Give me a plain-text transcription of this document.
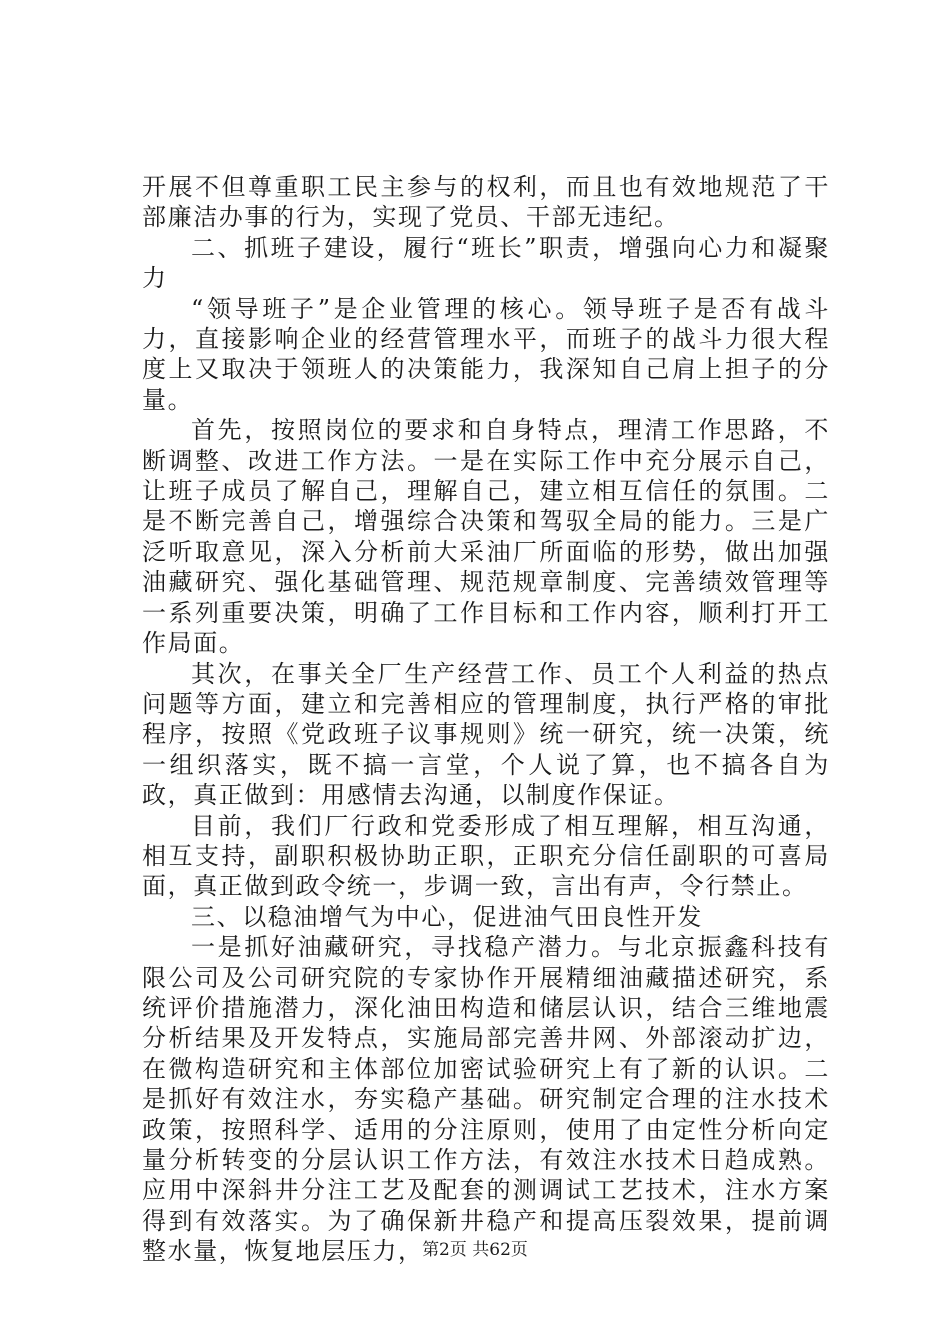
开展不但尊重职工民主参与的权利，而且也有效地规范了干部廉洁办事的行为，实现了党员、干部无违纪。

二、抓班子建设，履行“班长”职责，增强向心力和凝聚力

“领导班子”是企业管理的核心。领导班子是否有战斗力，直接影响企业的经营管理水平，而班子的战斗力很大程度上又取决于领班人的决策能力，我深知自己肩上担子的分量。

首先，按照岗位的要求和自身特点，理清工作思路，不断调整、改进工作方法。一是在实际工作中充分展示自己，让班子成员了解自己，理解自己，建立相互信任的氛围。二是不断完善自己，增强综合决策和驾驭全局的能力。三是广泛听取意见，深入分析前大采油厂所面临的形势，做出加强油藏研究、强化基础管理、规范规章制度、完善绩效管理等一系列重要决策，明确了工作目标和工作内容，顺利打开工作局面。

其次，在事关全厂生产经营工作、员工个人利益的热点问题等方面，建立和完善相应的管理制度，执行严格的审批程序，按照《党政班子议事规则》统一研究，统一决策，统一组织落实，既不搞一言堂，个人说了算，也不搞各自为政，真正做到：用感情去沟通，以制度作保证。

目前，我们厂行政和党委形成了相互理解，相互沟通，相互支持，副职积极协助正职，正职充分信任副职的可喜局面，真正做到政令统一，步调一致，言出有声，令行禁止。

三、以稳油增气为中心，促进油气田良性开发

一是抓好油藏研究，寻找稳产潜力。与北京振鑫科技有限公司及公司研究院的专家协作开展精细油藏描述研究，系统评价措施潜力，深化油田构造和储层认识，结合三维地震分析结果及开发特点，实施局部完善井网、外部滚动扩边，在微构造研究和主体部位加密试验研究上有了新的认识。二是抓好有效注水，夯实稳产基础。研究制定合理的注水技术政策，按照科学、适用的分注原则，使用了由定性分析向定量分析转变的分层认识工作方法，有效注水技术日趋成熟。应用中深斜井分注工艺及配套的测调试工艺技术，注水方案得到有效落实。为了确保新井稳产和提高压裂效果，提前调整水量，恢复地层压力，

第2页 共62页
